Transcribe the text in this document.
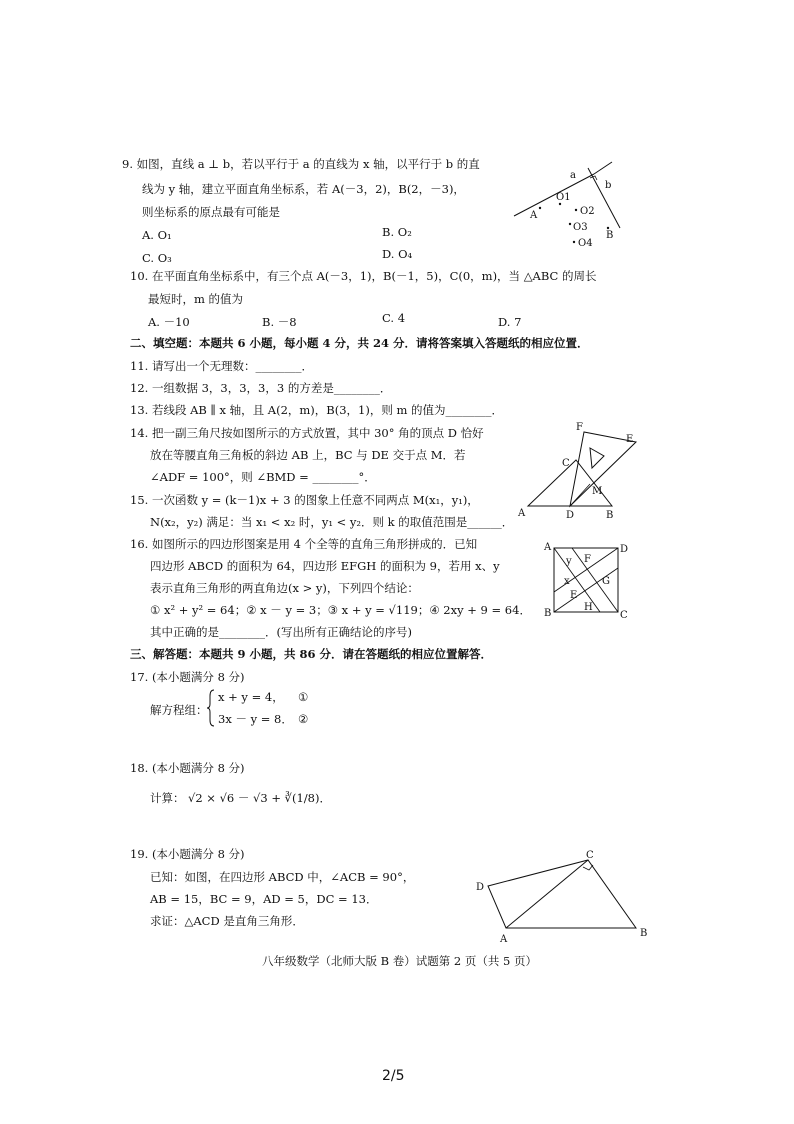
9. 如图，直线 a ⊥ b，若以平行于 a 的直线为 x 轴，以平行于 b 的直
线为 y 轴，建立平面直角坐标系，若 A(－3，2)，B(2，－3)，
则坐标系的原点最有可能是
A. O₁	B. O₂
C. O₃	D. O₄
a
b
A
B
O1
O2
O3
O4
10. 在平面直角坐标系中，有三个点 A(－3，1)，B(－1，5)，C(0，m)，当 △ABC 的周长
最短时，m 的值为
A. －10	B. －8	C. 4	D. 7
二、填空题：本题共 6 小题，每小题 4 分，共 24 分．请将答案填入答题纸的相应位置．
11. 请写出一个无理数：________．
12. 一组数据 3，3，3，3，3 的方差是________．
13. 若线段 AB ∥ x 轴，且 A(2，m)，B(3，1)，则 m 的值为________．
14. 把一副三角尺按如图所示的方式放置，其中 30° 角的顶点 D 恰好
放在等腰直角三角板的斜边 AB 上，BC 与 DE 交于点 M．若
∠ADF = 100°，则 ∠BMD = ________°．
A	B
C
D
E
F
M
15. 一次函数 y = (k－1)x + 3 的图象上任意不同两点 M(x₁，y₁)，
N(x₂，y₂) 满足：当 x₁ < x₂ 时，y₁ < y₂．则 k 的取值范围是______．
16. 如图所示的四边形图案是用 4 个全等的直角三角形拼成的．已知
四边形 ABCD 的面积为 64，四边形 EFGH 的面积为 9，若用 x、y
表示直角三角形的两直角边(x > y)，下列四个结论：
① x² + y² = 64；② x － y = 3；③ x + y = √119；④ 2xy + 9 = 64．
其中正确的是________．(写出所有正确结论的序号)
A
B	C
D
E
F
G
H
x
y
三、解答题：本题共 9 小题，共 86 分．请在答题纸的相应位置解答．
17. (本小题满分 8 分)
解方程组：
x + y = 4， ①
3x － y = 8． ②
18. (本小题满分 8 分)
计算： √2 × √6 － √3 + ∛(1/8)．
19. (本小题满分 8 分)
已知：如图，在四边形 ABCD 中，∠ACB = 90°，
AB = 15，BC = 9，AD = 5，DC = 13．
求证：△ACD 是直角三角形．
A
B
C
D
八年级数学（北师大版 B 卷）试题第 2 页（共 5 页）
2/5
